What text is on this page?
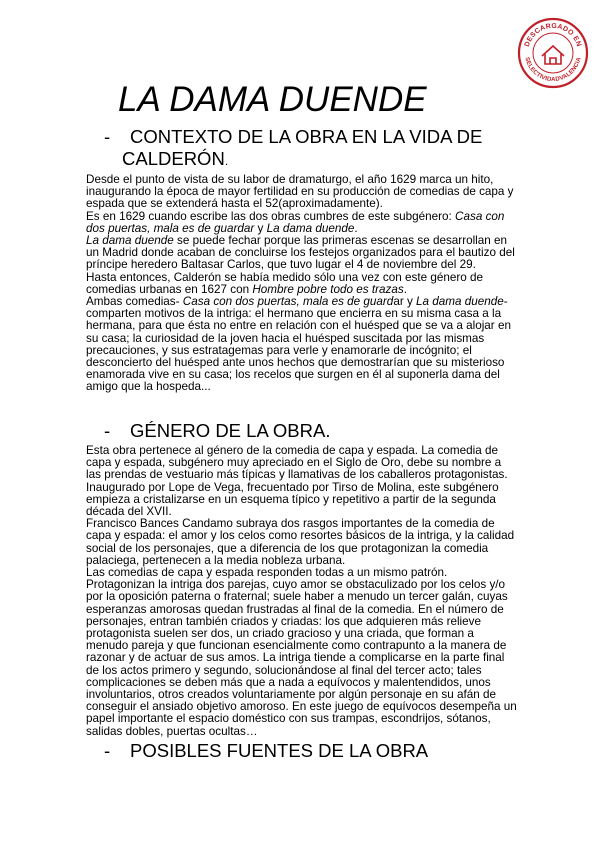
DESCARGADO EN
SELECTIVIDADVALENCIA
LA DAMA DUENDE
- CONTEXTO DE LA OBRA EN LA VIDA DE
CALDERÓN.

Desde el punto de vista de su labor de dramaturgo, el año 1629 marca un hito, inaugurando la época de mayor fertilidad en su producción de comedias de capa y espada que se extenderá hasta el 52(aproximadamente).

Es en 1629 cuando escribe las dos obras cumbres de este subgénero: Casa con dos puertas, mala es de guardar y La dama duende.

La dama duende se puede fechar porque las primeras escenas se desarrollan en un Madrid donde acaban de concluirse los festejos organizados para el bautizo del príncipe heredero Baltasar Carlos, que tuvo lugar el 4 de noviembre del 29.

Hasta entonces, Calderón se había medido sólo una vez con este género de comedias urbanas en 1627 con Hombre pobre todo es trazas.

Ambas comedias- Casa con dos puertas, mala es de guardar y La dama duende- comparten motivos de la intriga: el hermano que encierra en su misma casa a la hermana, para que ésta no entre en relación con el huésped que se va a alojar en su casa; la curiosidad de la joven hacia el huésped suscitada por las mismas precauciones, y sus estratagemas para verle y enamorarle de incógnito; el desconcierto del huésped ante unos hechos que demostrarían que su misterioso enamorada vive en su casa; los recelos que surgen en él al suponerla dama del amigo que la hospeda...

- GÉNERO DE LA OBRA.

Esta obra pertenece al género de la comedia de capa y espada. La comedia de capa y espada, subgénero muy apreciado en el Siglo de Oro, debe su nombre a las prendas de vestuario más típicas y llamativas de los caballeros protagonistas. Inaugurado por Lope de Vega, frecuentado por Tirso de Molina, este subgénero empieza a cristalizarse en un esquema típico y repetitivo a partir de la segunda década del XVII.

Francisco Bances Candamo subraya dos rasgos importantes de la comedia de capa y espada: el amor y los celos como resortes básicos de la intriga, y la calidad social de los personajes, que a diferencia de los que protagonizan la comedia palaciega, pertenecen a la media nobleza urbana.

Las comedias de capa y espada responden todas a un mismo patrón. Protagonizan la intriga dos parejas, cuyo amor se obstaculizado por los celos y/o por la oposición paterna o fraternal; suele haber a menudo un tercer galán, cuyas esperanzas amorosas quedan frustradas al final de la comedia. En el número de personajes, entran también criados y criadas: los que adquieren más relieve protagonista suelen ser dos, un criado gracioso y una criada, que forman a menudo pareja y que funcionan esencialmente como contrapunto a la manera de razonar y de actuar de sus amos. La intriga tiende a complicarse en la parte final de los actos primero y segundo, solucionándose al final del tercer acto; tales complicaciones se deben más que a nada a equívocos y malentendidos, unos involuntarios, otros creados voluntariamente por algún personaje en su afán de conseguir el ansiado objetivo amoroso. En este juego de equívocos desempeña un papel importante el espacio doméstico con sus trampas, escondrijos, sótanos, salidas dobles, puertas ocultas…

- POSIBLES FUENTES DE LA OBRA
